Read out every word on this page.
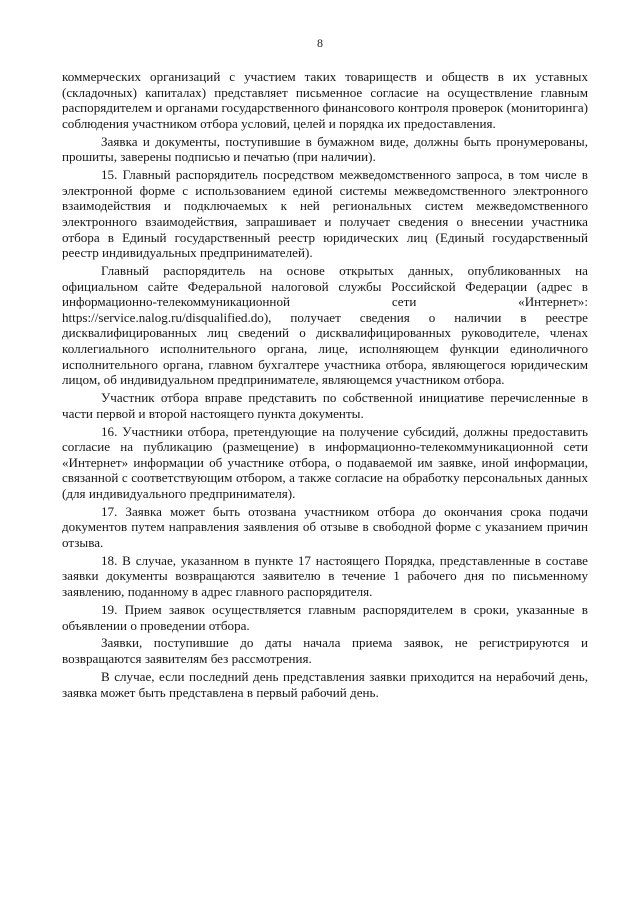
8

коммерческих организаций с участием таких товариществ и обществ в их уставных (складочных) капиталах) представляет письменное согласие на осуществление главным распорядителем и органами государственного финансового контроля проверок (мониторинга) соблюдения участником отбора условий, целей и порядка их предоставления.

Заявка и документы, поступившие в бумажном виде, должны быть пронумерованы, прошиты, заверены подписью и печатью (при наличии).

15. Главный распорядитель посредством межведомственного запроса, в том числе в электронной форме с использованием единой системы межведомственного электронного взаимодействия и подключаемых к ней региональных систем межведомственного электронного взаимодействия, запрашивает и получает сведения о внесении участника отбора в Единый государственный реестр юридических лиц (Единый государственный реестр индивидуальных предпринимателей).

Главный распорядитель на основе открытых данных, опубликованных на официальном сайте Федеральной налоговой службы Российской Федерации (адрес в информационно-телекоммуникационной сети «Интернет»: https://service.nalog.ru/disqualified.do), получает сведения о наличии в реестре дисквалифицированных лиц сведений о дисквалифицированных руководителе, членах коллегиального исполнительного органа, лице, исполняющем функции единоличного исполнительного органа, главном бухгалтере участника отбора, являющегося юридическим лицом, об индивидуальном предпринимателе, являющемся участником отбора.

Участник отбора вправе представить по собственной инициативе перечисленные в части первой и второй настоящего пункта документы.

16. Участники отбора, претендующие на получение субсидий, должны предоставить согласие на публикацию (размещение) в информационно-телекоммуникационной сети «Интернет» информации об участнике отбора, о подаваемой им заявке, иной информации, связанной с соответствующим отбором, а также согласие на обработку персональных данных (для индивидуального предпринимателя).

17. Заявка может быть отозвана участником отбора до окончания срока подачи документов путем направления заявления об отзыве в свободной форме с указанием причин отзыва.

18. В случае, указанном в пункте 17 настоящего Порядка, представленные в составе заявки документы возвращаются заявителю в течение 1 рабочего дня по письменному заявлению, поданному в адрес главного распорядителя.

19. Прием заявок осуществляется главным распорядителем в сроки, указанные в объявлении о проведении отбора.

Заявки, поступившие до даты начала приема заявок, не регистрируются и возвращаются заявителям без рассмотрения.

В случае, если последний день представления заявки приходится на нерабочий день, заявка может быть представлена в первый рабочий день.
